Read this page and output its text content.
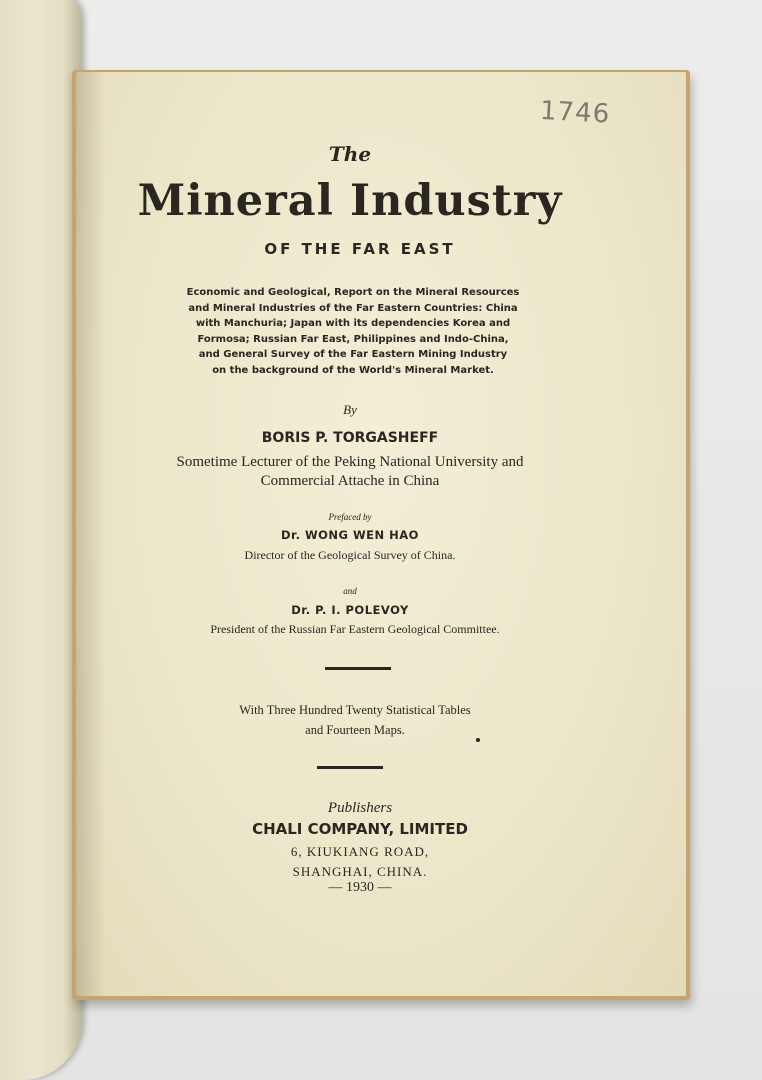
1746
The
Mineral Industry
OF THE FAR EAST
Economic and Geological, Report on the Mineral Resources
and Mineral Industries of the Far Eastern Countries: China
with Manchuria; Japan with its dependencies Korea and
Formosa; Russian Far East, Philippines and Indo-China,
and General Survey of the Far Eastern Mining Industry
on the background of the World's Mineral Market.
By
BORIS P. TORGASHEFF
Sometime Lecturer of the Peking National University and
Commercial Attache in China
Prefaced by
Dr. WONG WEN HAO
Director of the Geological Survey of China.
and
Dr. P. I. POLEVOY
President of the Russian Far Eastern Geological Committee.
With Three Hundred Twenty Statistical Tables
and Fourteen Maps.
Publishers
CHALI COMPANY, LIMITED
6, KIUKIANG ROAD,
SHANGHAI, CHINA.
— 1930 —
